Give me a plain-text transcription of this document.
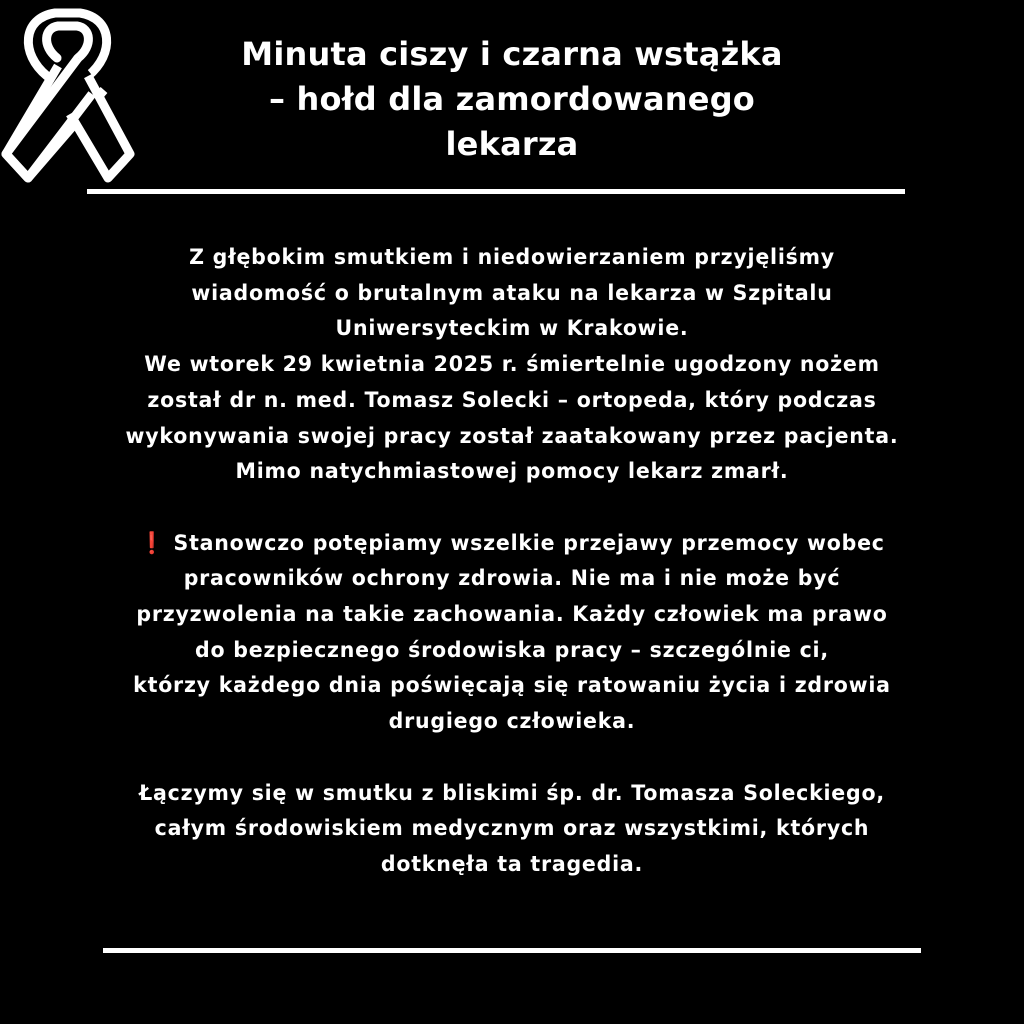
Minuta ciszy i czarna wstążka
– hołd dla zamordowanego
lekarza
Z głębokim smutkiem i niedowierzaniem przyjęliśmy
wiadomość o brutalnym ataku na lekarza w Szpitalu
Uniwersyteckim w Krakowie.
We wtorek 29 kwietnia 2025 r. śmiertelnie ugodzony nożem
został dr n. med. Tomasz Solecki – ortopeda, który podczas
wykonywania swojej pracy został zaatakowany przez pacjenta.
Mimo natychmiastowej pomocy lekarz zmarł.
❗ Stanowczo potępiamy wszelkie przejawy przemocy wobec
pracowników ochrony zdrowia. Nie ma i nie może być
przyzwolenia na takie zachowania. Każdy człowiek ma prawo
do bezpiecznego środowiska pracy – szczególnie ci,
którzy każdego dnia poświęcają się ratowaniu życia i zdrowia
drugiego człowieka.
Łączymy się w smutku z bliskimi śp. dr. Tomasza Soleckiego,
całym środowiskiem medycznym oraz wszystkimi, których
dotknęła ta tragedia.
